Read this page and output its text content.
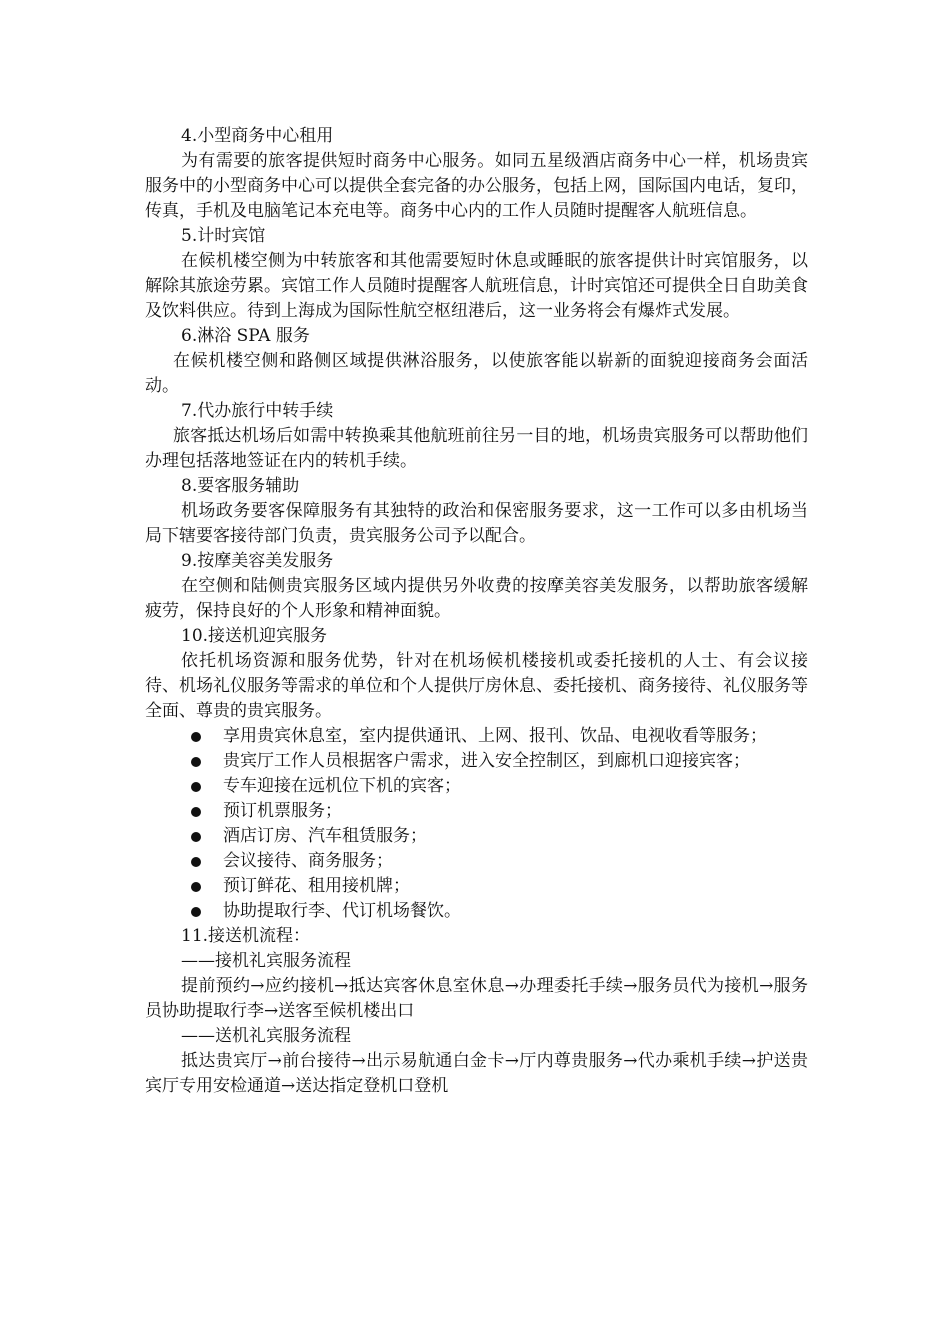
4.小型商务中心租用

为有需要的旅客提供短时商务中心服务。如同五星级酒店商务中心一样，机场贵宾服务中的小型商务中心可以提供全套完备的办公服务，包括上网，国际国内电话，复印，传真，手机及电脑笔记本充电等。商务中心内的工作人员随时提醒客人航班信息。

5.计时宾馆

在候机楼空侧为中转旅客和其他需要短时休息或睡眠的旅客提供计时宾馆服务，以解除其旅途劳累。宾馆工作人员随时提醒客人航班信息，计时宾馆还可提供全日自助美食及饮料供应。待到上海成为国际性航空枢纽港后，这一业务将会有爆炸式发展。

6.淋浴 SPA 服务

在候机楼空侧和路侧区域提供淋浴服务，以使旅客能以崭新的面貌迎接商务会面活动。

7.代办旅行中转手续

旅客抵达机场后如需中转换乘其他航班前往另一目的地，机场贵宾服务可以帮助他们办理包括落地签证在内的转机手续。

8.要客服务辅助

机场政务要客保障服务有其独特的政治和保密服务要求，这一工作可以多由机场当局下辖要客接待部门负责，贵宾服务公司予以配合。

9.按摩美容美发服务

在空侧和陆侧贵宾服务区域内提供另外收费的按摩美容美发服务，以帮助旅客缓解疲劳，保持良好的个人形象和精神面貌。

10.接送机迎宾服务

依托机场资源和服务优势，针对在机场候机楼接机或委托接机的人士、有会议接待、机场礼仪服务等需求的单位和个人提供厅房休息、委托接机、商务接待、礼仪服务等全面、尊贵的贵宾服务。

享用贵宾休息室，室内提供通讯、上网、报刊、饮品、电视收看等服务；
贵宾厅工作人员根据客户需求，进入安全控制区，到廊机口迎接宾客；
专车迎接在远机位下机的宾客；
预订机票服务；
酒店订房、汽车租赁服务；
会议接待、商务服务；
预订鲜花、租用接机牌；
协助提取行李、代订机场餐饮。

11.接送机流程：

——接机礼宾服务流程

提前预约→应约接机→抵达宾客休息室休息→办理委托手续→服务员代为接机→服务员协助提取行李→送客至候机楼出口

——送机礼宾服务流程

抵达贵宾厅→前台接待→出示易航通白金卡→厅内尊贵服务→代办乘机手续→护送贵宾厅专用安检通道→送达指定登机口登机
